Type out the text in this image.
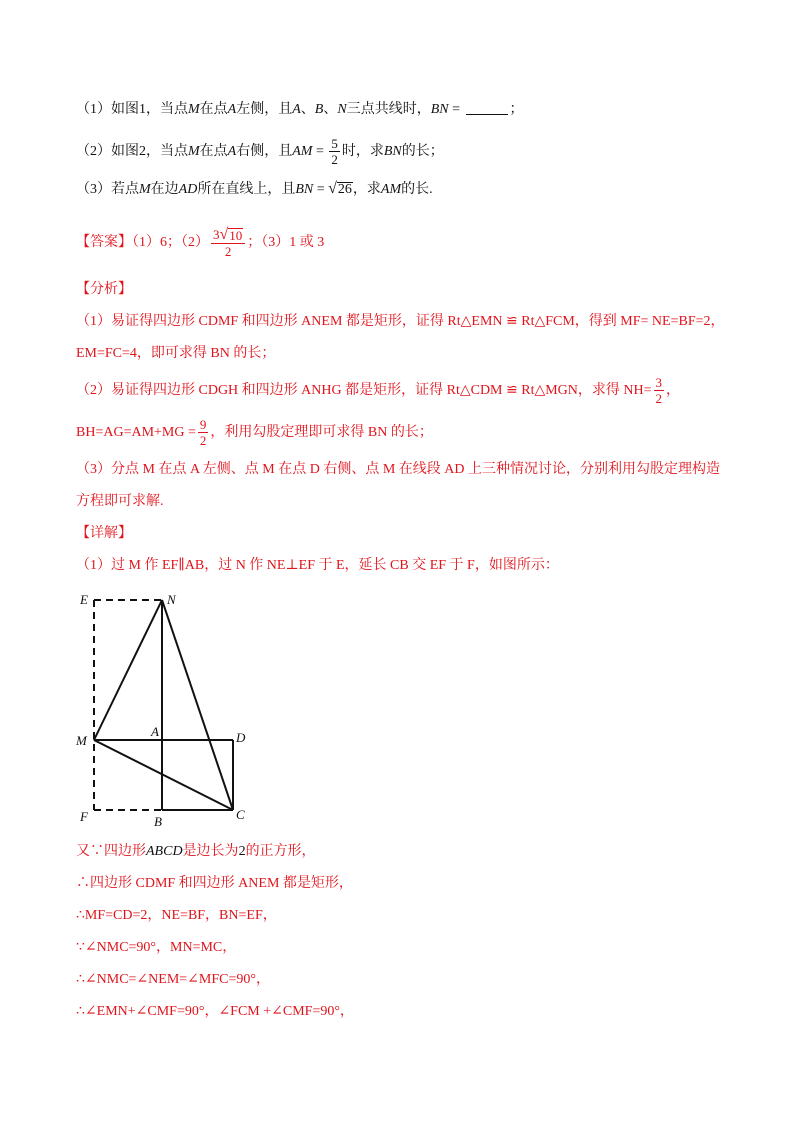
（1）如图1，当点M在点A左侧，且A、B、N三点共线时，BN =	；
（2）如图2，当点M在点A右侧，且AM = $\frac{5}{2}$ 时，求BN的长；
（3）若点M在边AD所在直线上，且BN = √ 26 ，求AM的长.
【答案】（1）6；$(2) \frac{3 √ 10}{2}$ ；（3）1 或 3
【分析】
（1）易证得四边形 CDMF 和四边形 ANEM 都是矩形，证得 Rt△EMN ≌ Rt△FCM，得到 MF= NE=BF=2，
EM=FC=4，即可求得 BN 的长；
（2）易证得四边形 CDGH 和四边形 ANHG 都是矩形，证得 Rt△CDM ≌ Rt△MGN，求得 $NH= \frac{3}{2}$ ，
$BH=AG=AM+MG = \frac{9}{2}$ ，利用勾股定理即可求得 BN 的长；
（3）分点 M 在点 A 左侧、点 M 在点 D 右侧、点 M 在线段 AD 上三种情况讨论，分别利用勾股定理构造
方程即可求解.
【详解】
（1）过 M 作 EF∥AB，过 N 作 NE⊥EF 于 E，延长 CB 交 EF 于 F，如图所示：
E	N
M
A	D
F	B	C
又∵四边形ABCD是边长为2的正方形，
∴四边形 CDMF 和四边形 ANEM 都是矩形，
∴MF=CD=2，NE=BF，BN=EF，
∵∠NMC=90°，MN=MC，
∴∠NMC=∠NEM=∠MFC=90°，
∴∠EMN+∠CMF=90°，∠FCM +∠CMF=90°，
